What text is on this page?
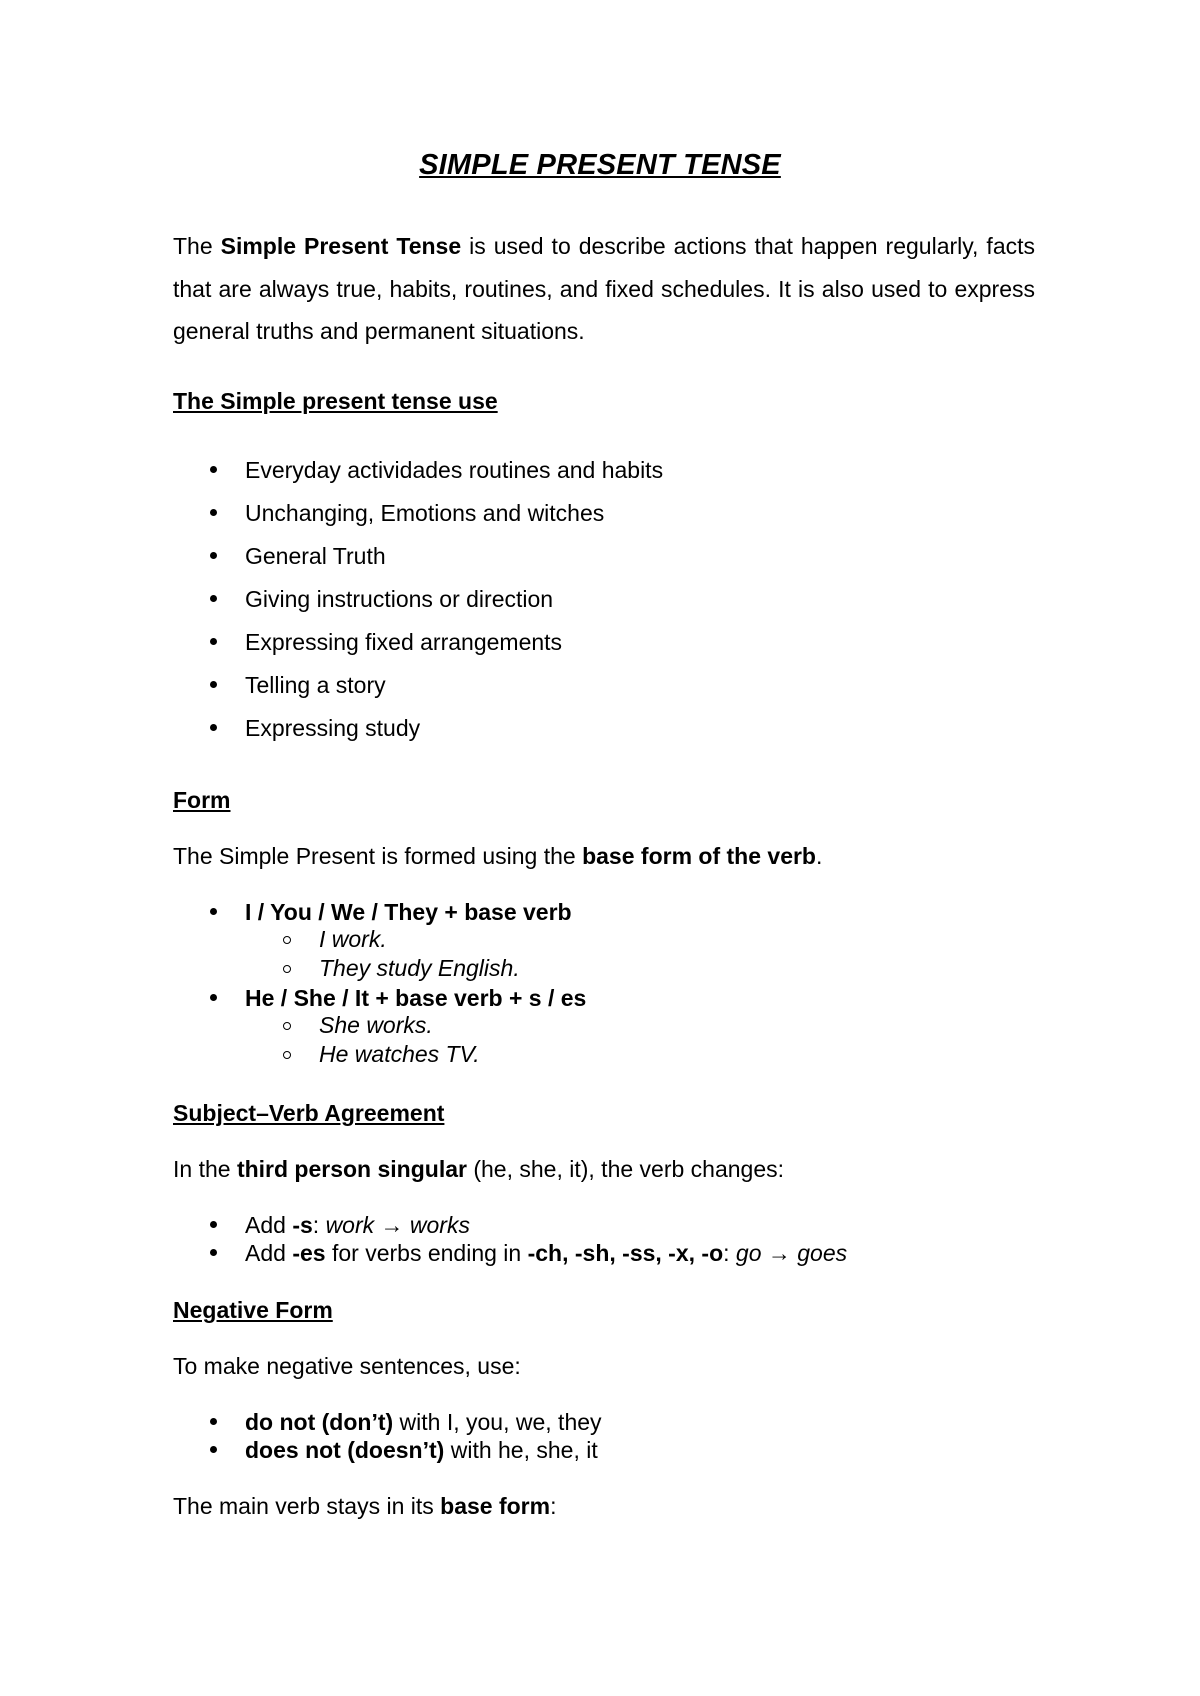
SIMPLE PRESENT TENSE
The Simple Present Tense is used to describe actions that happen regularly, facts that are always true, habits, routines, and fixed schedules. It is also used to express general truths and permanent situations.
The Simple present tense use
Everyday actividades routines and habits
Unchanging, Emotions and witches
General Truth
Giving instructions or direction
Expressing fixed arrangements
Telling a story
Expressing study
Form
The Simple Present is formed using the base form of the verb.
I / You / We / They + base verb
I work.
They study English.
He / She / It + base verb + s / es
She works.
He watches TV.
Subject–Verb Agreement
In the third person singular (he, she, it), the verb changes:
Add -s: work → works
Add -es for verbs ending in -ch, -sh, -ss, -x, -o: go → goes
Negative Form
To make negative sentences, use:
do not (don’t) with I, you, we, they
does not (doesn’t) with he, she, it
The main verb stays in its base form:
